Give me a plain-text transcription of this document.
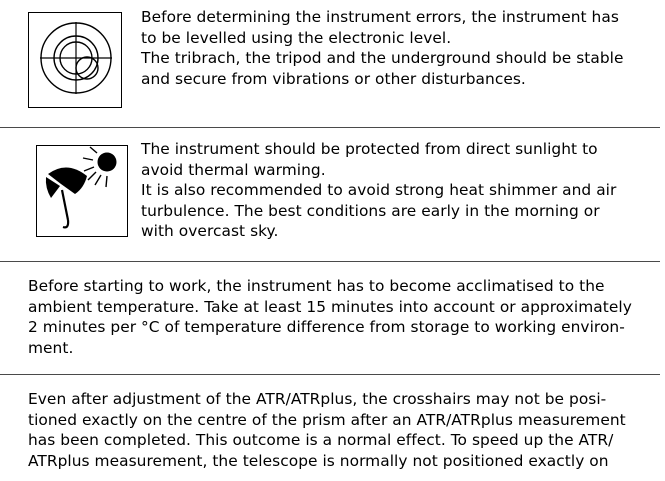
Before determining the instrument errors, the instrument has
to be levelled using the electronic level.
The tribrach, the tripod and the underground should be stable
and secure from vibrations or other disturbances.

The instrument should be protected from direct sunlight to
avoid thermal warming.
It is also recommended to avoid strong heat shimmer and air
turbulence. The best conditions are early in the morning or
with overcast sky.

Before starting to work, the instrument has to become acclimatised to the
ambient temperature. Take at least 15 minutes into account or approximately
2 minutes per °C of temperature difference from storage to working environ-
ment.

Even after adjustment of the ATR/ATRplus, the crosshairs may not be posi-
tioned exactly on the centre of the prism after an ATR/ATRplus measurement
has been completed. This outcome is a normal effect. To speed up the ATR/
ATRplus measurement, the telescope is normally not positioned exactly on
